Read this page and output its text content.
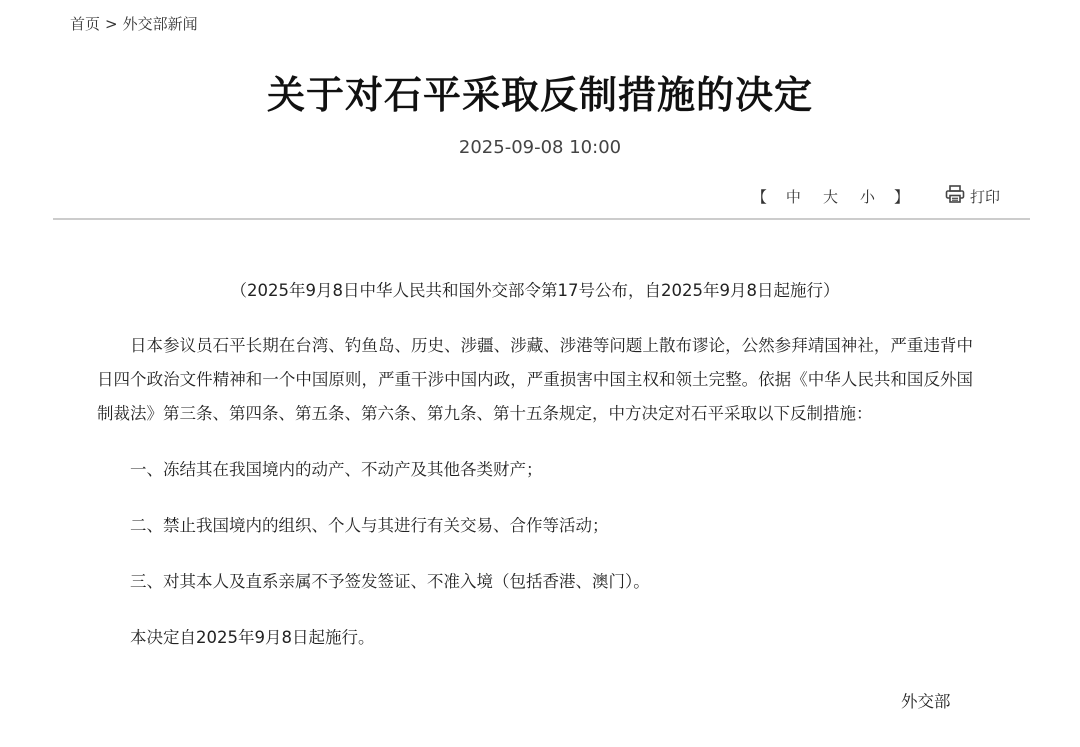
首页 > 外交部新闻
关于对石平采取反制措施的决定
2025-09-08 10:00
【 中 大 小 】	打印

（2025年9月8日中华人民共和国外交部令第17号公布，自2025年9月8日起施行）

日本参议员石平长期在台湾、钓鱼岛、历史、涉疆、涉藏、涉港等问题上散布谬论，公然参拜靖国神社，严重违背中日四个政治文件精神和一个中国原则，严重干涉中国内政，严重损害中国主权和领土完整。依据《中华人民共和国反外国制裁法》第三条、第四条、第五条、第六条、第九条、第十五条规定，中方决定对石平采取以下反制措施：

一、冻结其在我国境内的动产、不动产及其他各类财产；

二、禁止我国境内的组织、个人与其进行有关交易、合作等活动；

三、对其本人及直系亲属不予签发签证、不准入境（包括香港、澳门）。

本决定自2025年9月8日起施行。

外交部
